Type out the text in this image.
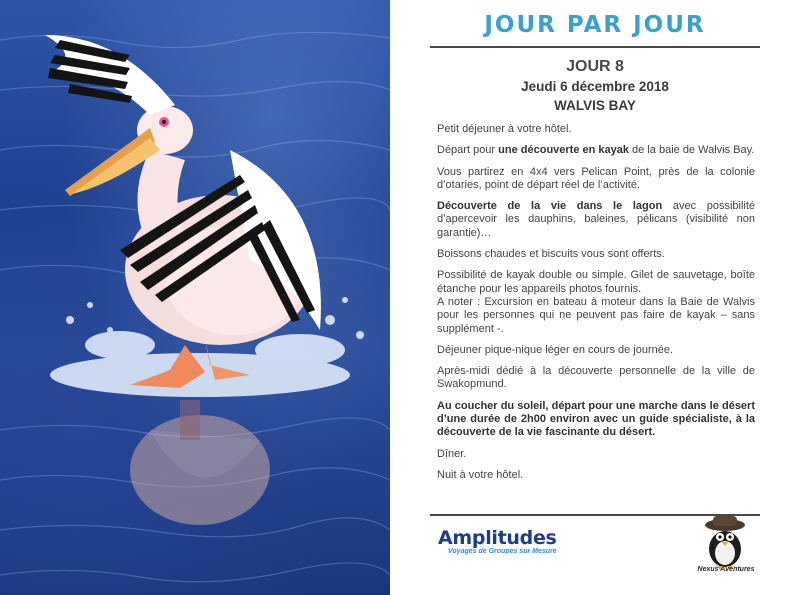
JOUR PAR JOUR
JOUR 8
Jeudi 6 décembre 2018
WALVIS BAY

Petit déjeuner à votre hôtel.

Départ pour une découverte en kayak de la baie de Walvis Bay.

Vous partirez en 4x4 vers Pelican Point, près de la colonie d’otaries, point de départ réel de l’activité.

Découverte de la vie dans le lagon avec possibilité d’apercevoir les dauphins, baleines, pélicans (visibilité non garantie)…

Boissons chaudes et biscuits vous sont offerts.

Possibilité de kayak double ou simple. Gilet de sauvetage, boîte étanche pour les appareils photos fournis.

A noter : Excursion en bateau à moteur dans la Baie de Walvis pour les personnes qui ne peuvent pas faire de kayak – sans supplément -.

Déjeuner pique-nique léger en cours de journée.

Après-midi dédié à la découverte personnelle de la ville de Swakopmund.

Au coucher du soleil, départ pour une marche dans le désert d’une durée de 2h00 environ avec un guide spécialiste, à la découverte de la vie fascinante du désert.

Dîner.

Nuit à votre hôtel.

Amplitudes
Voyages de Groupes sur Mesure
Nexus Aventures
